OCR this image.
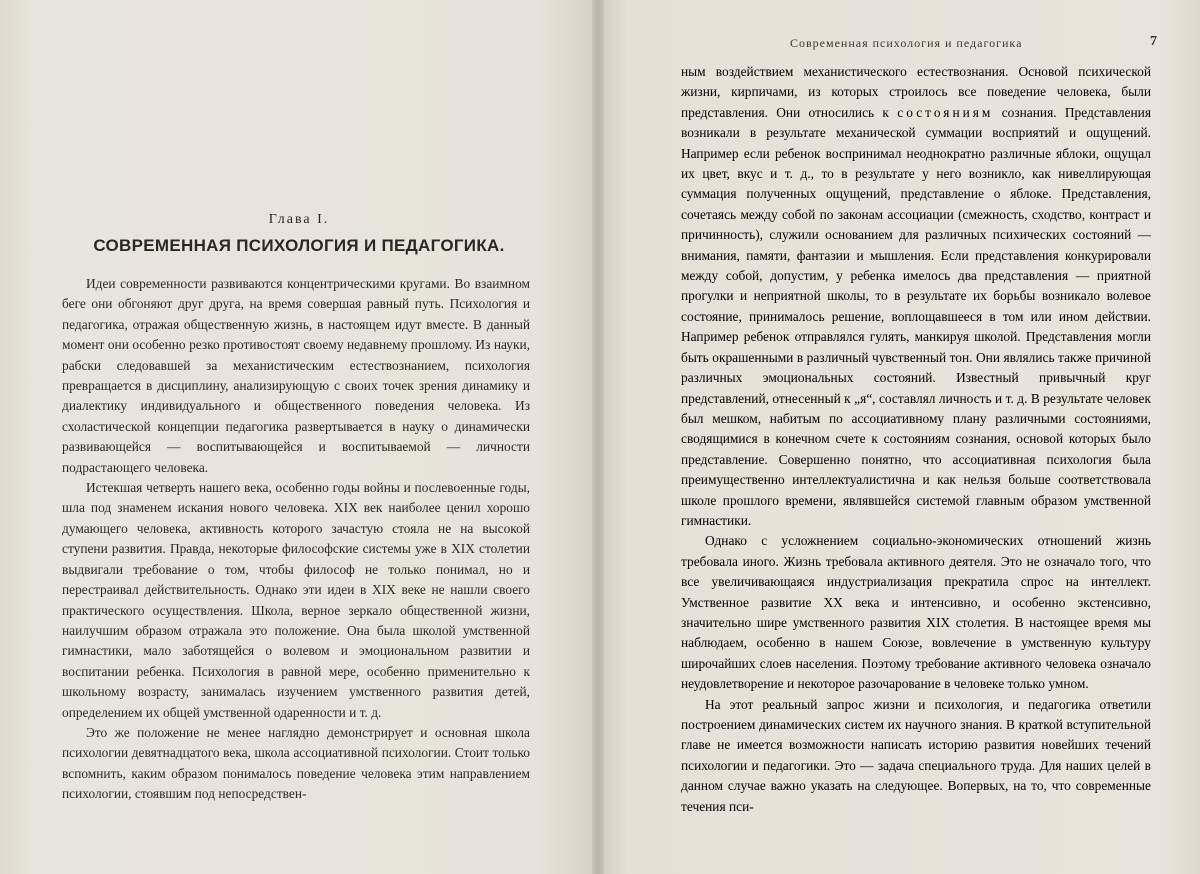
Глава I.
СОВРЕМЕННАЯ ПСИХОЛОГИЯ И ПЕДАГОГИКА.

Идеи современности развиваются концентрическими кругами. Во взаимном беге они обгоняют друг друга, на время совершая равный путь. Психология и педагогика, отражая общественную жизнь, в настоящем идут вместе. В данный момент они особенно резко противостоят своему недавнему прошлому. Из науки, рабски следовавшей за механистическим естествознанием, психология превращается в дисциплину, анализирующую с своих точек зрения динамику и диалектику индивидуального и общественного поведения человека. Из схоластической концепции педагогика развертывается в науку о динамически развивающейся — воспитывающейся и воспитываемой — личности подрастающего человека.

Истекшая четверть нашего века, особенно годы войны и послевоенные годы, шла под знаменем искания нового человека. XIX век наиболее ценил хорошо думающего человека, активность которого зачастую стояла не на высокой ступени развития. Правда, некоторые философские системы уже в XIX столетии выдвигали требование о том, чтобы философ не только понимал, но и перестраивал действительность. Однако эти идеи в XIX веке не нашли своего практического осуществления. Школа, верное зеркало общественной жизни, наилучшим образом отражала это положение. Она была школой умственной гимнастики, мало заботящейся о волевом и эмоциональном развитии и воспитании ребенка. Психология в равной мере, особенно применительно к школьному возрасту, занималась изучением умственного развития детей, определением их общей умственной одаренности и т. д.

Это же положение не менее наглядно демонстрирует и основная школа психологии девятнадцатого века, школа ассоциативной психологии. Стоит только вспомнить, каким образом понималось поведение человека этим направлением психологии, стоявшим под непосредствен-

Современная психология и педагогика	7

ным воздействием механистического естествознания. Основой психической жизни, кирпичами, из которых строилось все поведение человека, были представления. Они относились к состояниям сознания. Представления возникали в результате механической суммации восприятий и ощущений. Например если ребенок воспринимал неоднократно различные яблоки, ощущал их цвет, вкус и т. д., то в результате у него возникло, как нивеллирующая суммация полученных ощущений, представление о яблоке. Представления, сочетаясь между собой по законам ассоциации (смежность, сходство, контраст и причинность), служили основанием для различных психических состояний — внимания, памяти, фантазии и мышления. Если представления конкурировали между собой, допустим, у ребенка имелось два представления — приятной прогулки и неприятной школы, то в результате их борьбы возникало волевое состояние, принималось решение, воплощавшееся в том или ином действии. Например ребенок отправлялся гулять, манкируя школой. Представления могли быть окрашенными в различный чувственный тон. Они являлись также причиной различных эмоциональных состояний. Известный привычный круг представлений, отнесенный к „я“, составлял личность и т. д. В результате человек был мешком, набитым по ассоциативному плану различными состояниями, сводящимися в конечном счете к состояниям сознания, основой которых было представление. Совершенно понятно, что ассоциативная психология была преимущественно интеллектуалистична и как нельзя больше соответствовала школе прошлого времени, являвшейся системой главным образом умственной гимнастики.

Однако с усложнением социально-экономических отношений жизнь требовала иного. Жизнь требовала активного деятеля. Это не означало того, что все увеличивающаяся индустриализация прекратила спрос на интеллект. Умственное развитие XX века и интенсивно, и особенно экстенсивно, значительно шире умственного развития XIX столетия. В настоящее время мы наблюдаем, особенно в нашем Союзе, вовлечение в умственную культуру широчайших слоев населения. Поэтому требование активного человека означало неудовлетворение и некоторое разочарование в человеке только умном.

На этот реальный запрос жизни и психология, и педагогика ответили построением динамических систем их научного знания. В краткой вступительной главе не имеется возможности написать историю развития новейших течений психологии и педагогики. Это — задача специального труда. Для наших целей в данном случае важно указать на следующее. Вопервых, на то, что современные течения пси-
